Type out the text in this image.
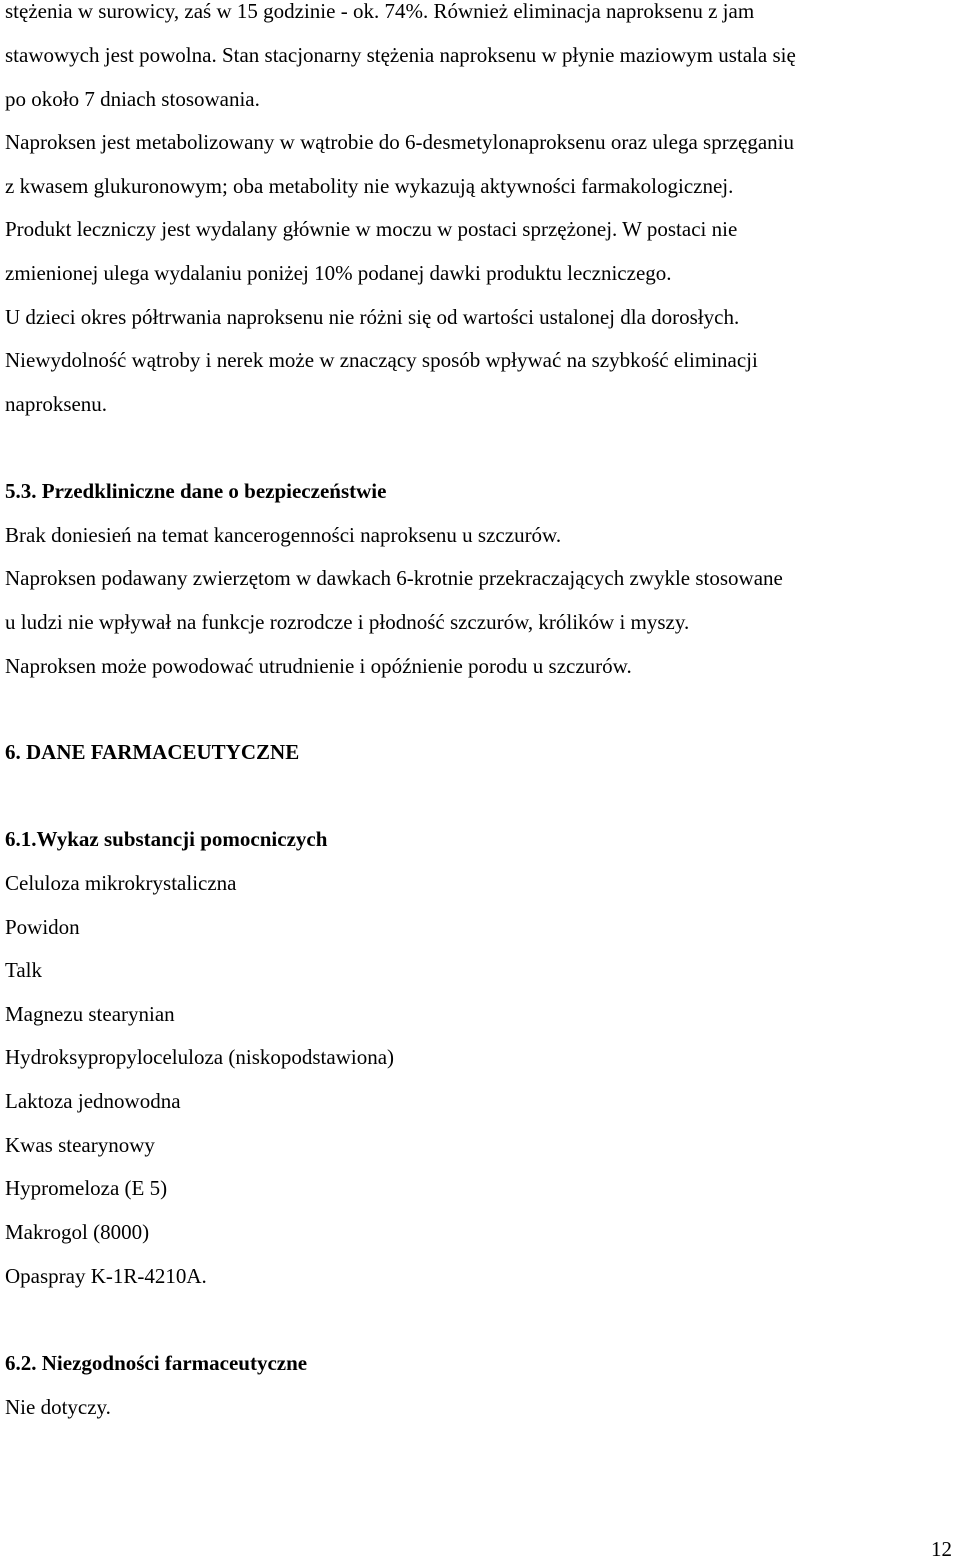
stężenia w surowicy, zaś w 15 godzinie - ok. 74%. Również eliminacja naproksenu z jam
stawowych jest powolna. Stan stacjonarny stężenia naproksenu w płynie maziowym ustala się
po około 7 dniach stosowania.
Naproksen jest metabolizowany w wątrobie do 6-desmetylonaproksenu oraz ulega sprzęganiu
z kwasem glukuronowym; oba metabolity nie wykazują aktywności farmakologicznej.
Produkt leczniczy jest wydalany głównie w moczu w postaci sprzężonej. W postaci nie
zmienionej ulega wydalaniu poniżej 10% podanej dawki produktu leczniczego.
U dzieci okres półtrwania naproksenu nie różni się od wartości ustalonej dla dorosłych.
Niewydolność wątroby i nerek może w znaczący sposób wpływać na szybkość eliminacji
naproksenu.
5.3. Przedkliniczne dane o bezpieczeństwie
Brak doniesień na temat kancerogenności naproksenu u szczurów.
Naproksen podawany zwierzętom w dawkach 6-krotnie przekraczających zwykle stosowane
u ludzi nie wpływał na funkcje rozrodcze i płodność szczurów, królików i myszy.
Naproksen może powodować utrudnienie i opóźnienie porodu u szczurów.
6. DANE FARMACEUTYCZNE
6.1.Wykaz substancji pomocniczych
Celuloza mikrokrystaliczna
Powidon
Talk
Magnezu stearynian
Hydroksypropyloceluloza (niskopodstawiona)
Laktoza jednowodna
Kwas stearynowy
Hypromeloza (E 5)
Makrogol (8000)
Opaspray K-1R-4210A.
6.2. Niezgodności farmaceutyczne
Nie dotyczy.
12
